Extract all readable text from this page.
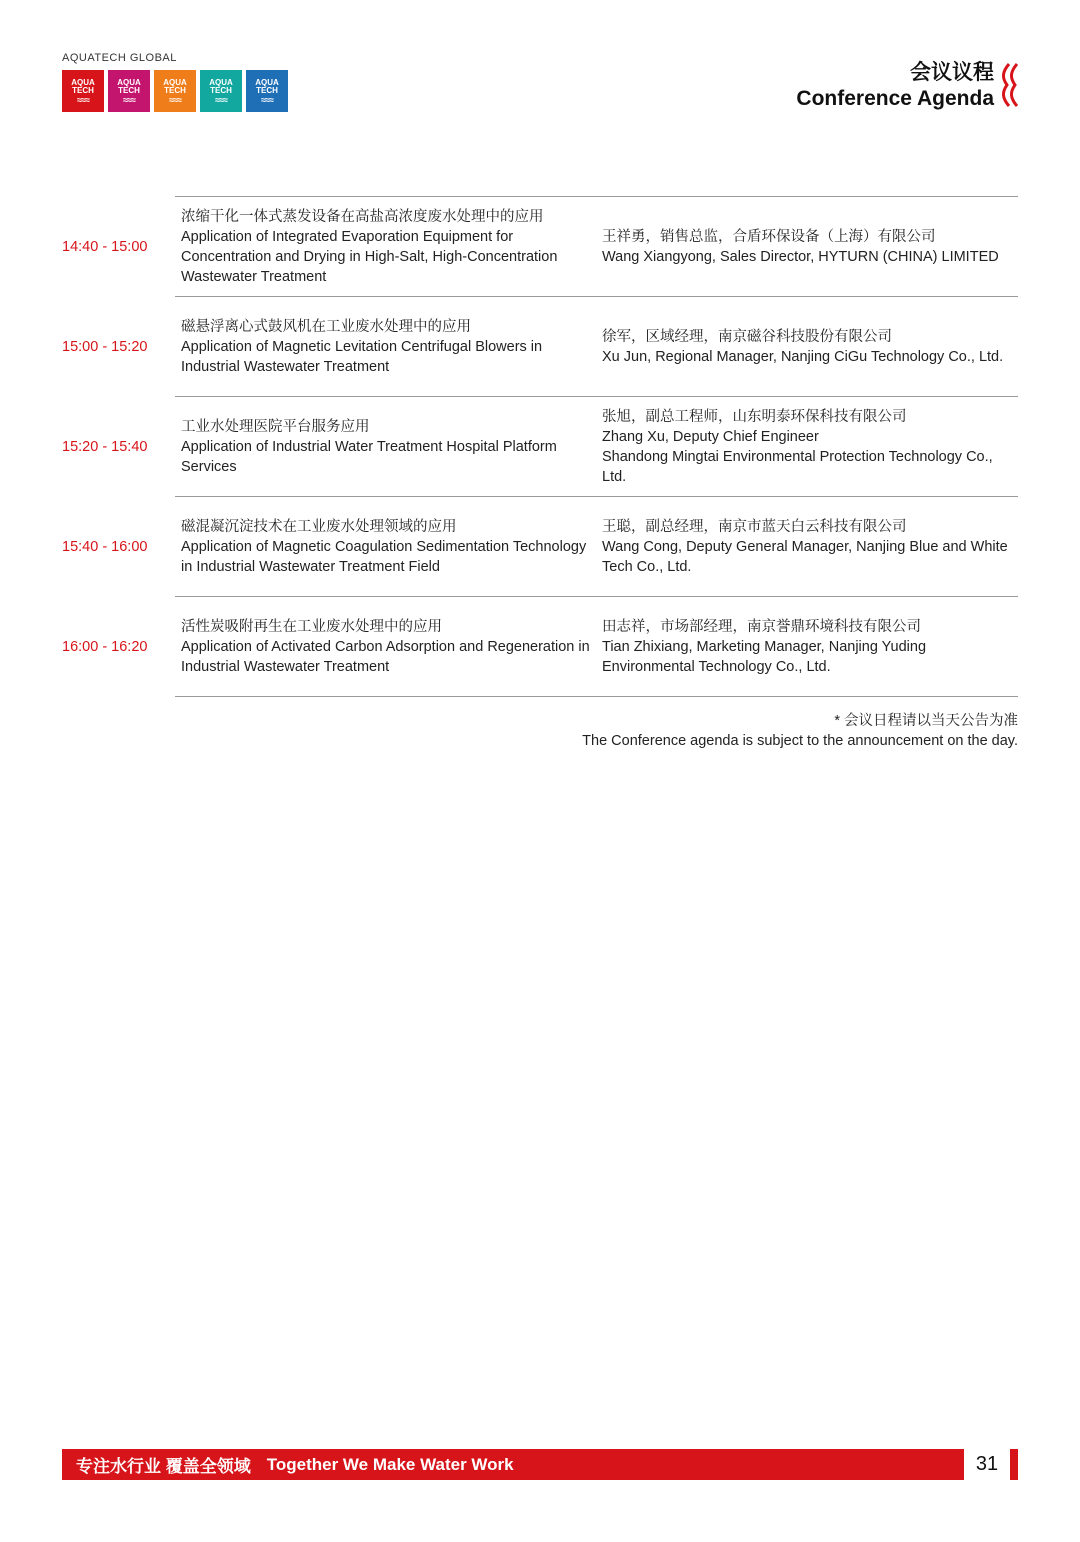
AQUATECH GLOBAL
AQUA
TECH
≈≈≈
AQUA
TECH
≈≈≈
AQUA
TECH
≈≈≈
AQUA
TECH
≈≈≈
AQUA
TECH
≈≈≈
会议议程
Conference Agenda
14:40 - 15:00
浓缩干化一体式蒸发设备在高盐高浓度废水处理中的应用
Application of Integrated Evaporation Equipment for Concentration and Drying in High-Salt, High-Concentration Wastewater Treatment
王祥勇，销售总监，合盾环保设备（上海）有限公司
Wang Xiangyong, Sales Director, HYTURN (CHINA) LIMITED
15:00 - 15:20
磁悬浮离心式鼓风机在工业废水处理中的应用
Application of Magnetic Levitation Centrifugal Blowers in Industrial Wastewater Treatment
徐军，区域经理，南京磁谷科技股份有限公司
Xu Jun, Regional Manager, Nanjing CiGu Technology Co., Ltd.
15:20 - 15:40
工业水处理医院平台服务应用
Application of Industrial Water Treatment Hospital Platform Services
张旭，副总工程师，山东明泰环保科技有限公司
Zhang Xu, Deputy Chief Engineer
Shandong Mingtai Environmental Protection Technology Co., Ltd.
15:40 - 16:00
磁混凝沉淀技术在工业废水处理领域的应用
Application of Magnetic Coagulation Sedimentation Technology in Industrial Wastewater Treatment Field
王聪，副总经理，南京市蓝天白云科技有限公司
Wang Cong, Deputy General Manager, Nanjing Blue and White Tech Co., Ltd.
16:00 - 16:20
活性炭吸附再生在工业废水处理中的应用
Application of Activated Carbon Adsorption and Regeneration in Industrial Wastewater Treatment
田志祥，市场部经理，南京誉鼎环境科技有限公司
Tian Zhixiang, Marketing Manager, Nanjing Yuding Environmental Technology Co., Ltd.
* 会议日程请以当天公告为准
The Conference agenda is subject to the announcement on the day.
专注水行业 覆盖全领域 Together We Make Water Work	31
